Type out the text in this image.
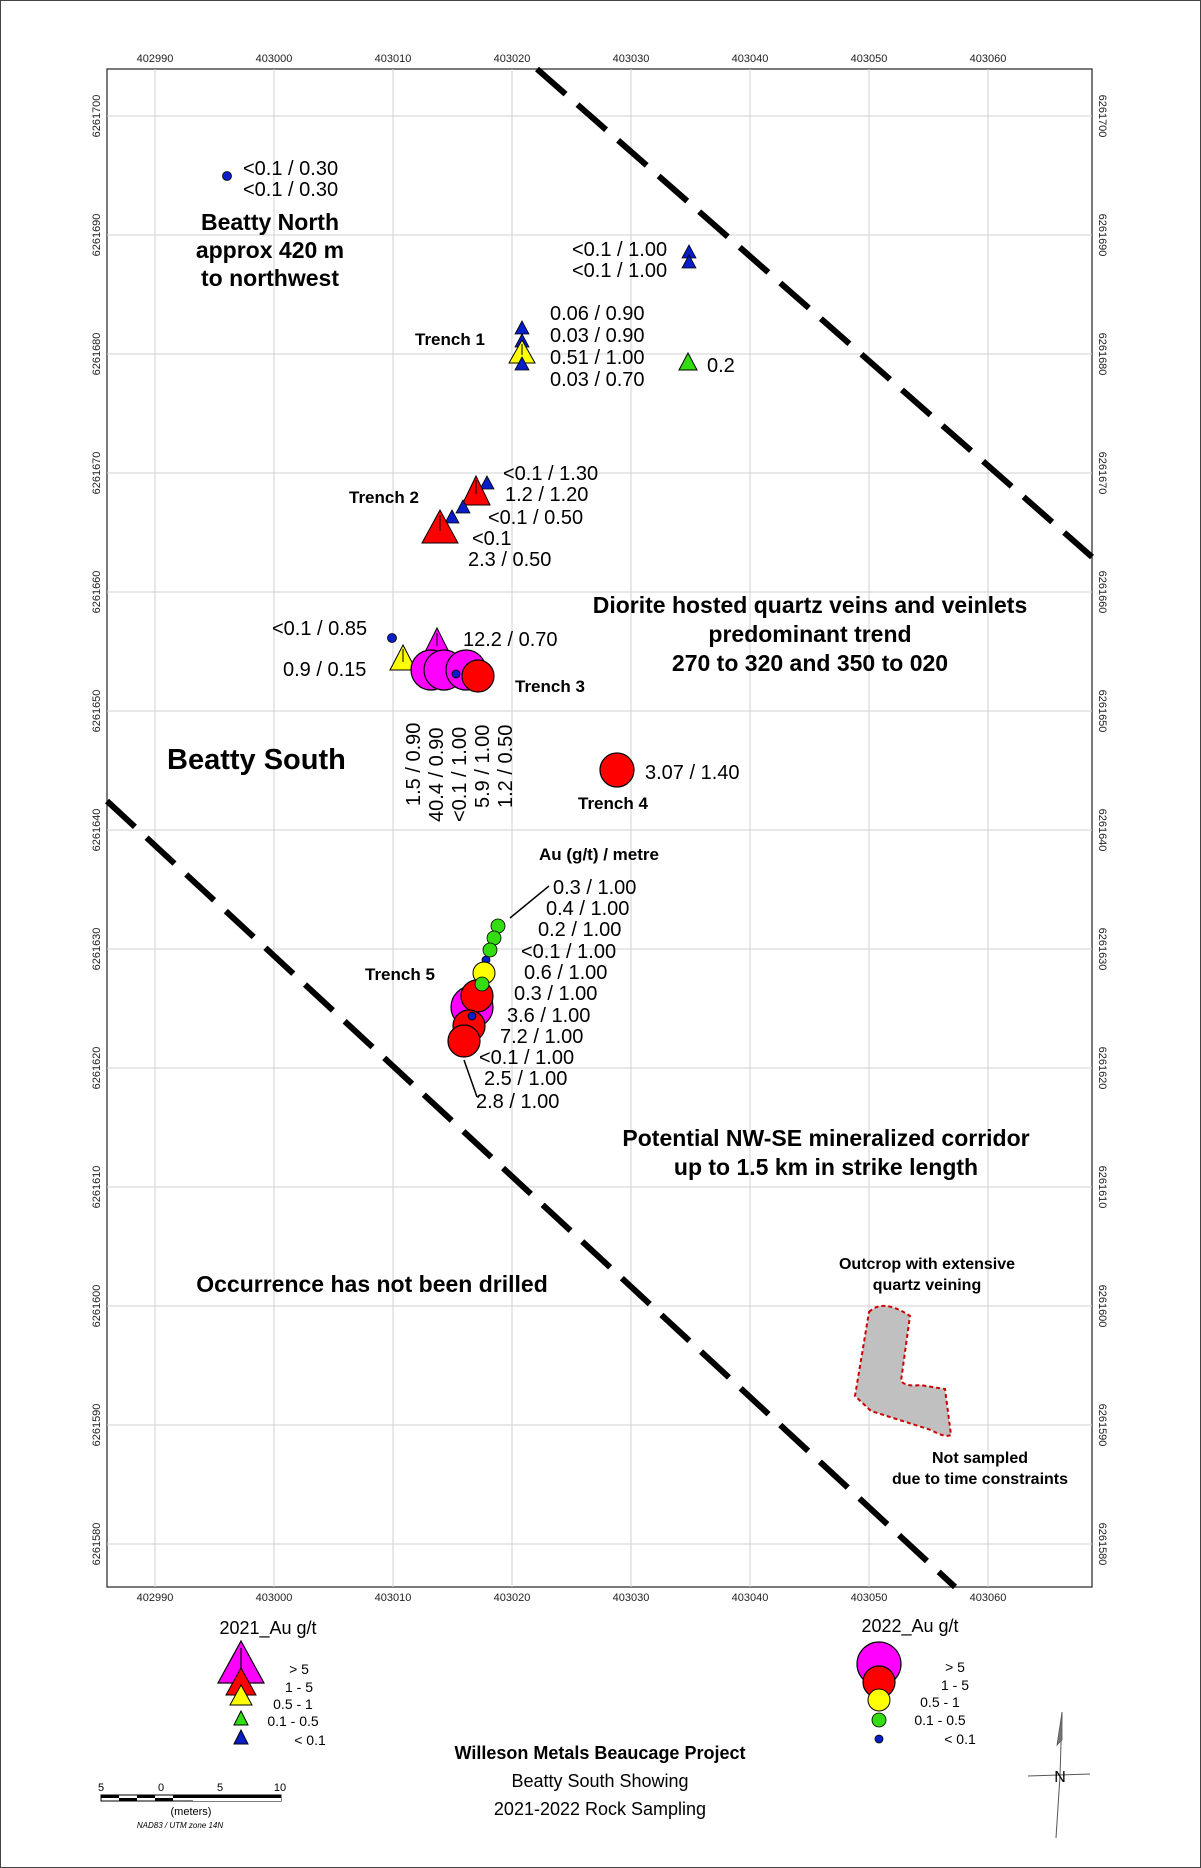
402990	403000	403010	403020	403030	403040	403050	403060
402990	403000	403010	403020	403030	403040	403050	403060
6261700
6261690
6261680
6261670
6261660
6261650
6261640
6261630
6261620
6261610
6261600
6261590
6261580
6261700
6261690
6261680
6261670
6261660
6261650
6261640
6261630
6261620
6261610
6261600
6261590
6261580
<0.1 / 0.30
<0.1 / 0.30
<0.1 / 1.00
<0.1 / 1.00
0.06 / 0.90
0.03 / 0.90
0.51 / 1.00
0.03 / 0.70
0.2
<0.1 / 1.30
1.2 / 1.20
<0.1 / 0.50
<0.1
2.3 / 0.50
<0.1 / 0.85
0.9 / 0.15
12.2 / 0.70
1.5 / 0.90 40.4 / 0.90 <0.1 / 1.00 5.9 / 1.00 1.2 / 0.50	3.07 / 1.40
0.3 / 1.00
0.4 / 1.00
0.2 / 1.00
<0.1 / 1.00
0.6 / 1.00
0.3 / 1.00
3.6 / 1.00
7.2 / 1.00
<0.1 / 1.00
2.5 / 1.00
2.8 / 1.00
Beatty North
approx 420 m
to northwest
Trench 1
Trench 2
Trench 3
Trench 4
Trench 5
Beatty South
Diorite hosted quartz veins and veinlets
predominant trend
270 to 320 and 350 to 020
Au (g/t) / metre
Potential NW-SE mineralized corridor
up to 1.5 km in strike length
Occurrence has not been drilled
Outcrop with extensive
quartz veining
Not sampled
due to time constraints
2021_Au g/t
> 5
1 - 5
0.5 - 1
0.1 - 0.5
< 0.1
2022_Au g/t
> 5
1 - 5
0.5 - 1
0.1 - 0.5
< 0.1
Willeson Metals Beaucage Project
Beatty South Showing
2021-2022 Rock Sampling
5	0	5	10
(meters)
NAD83 / UTM zone 14N
N
